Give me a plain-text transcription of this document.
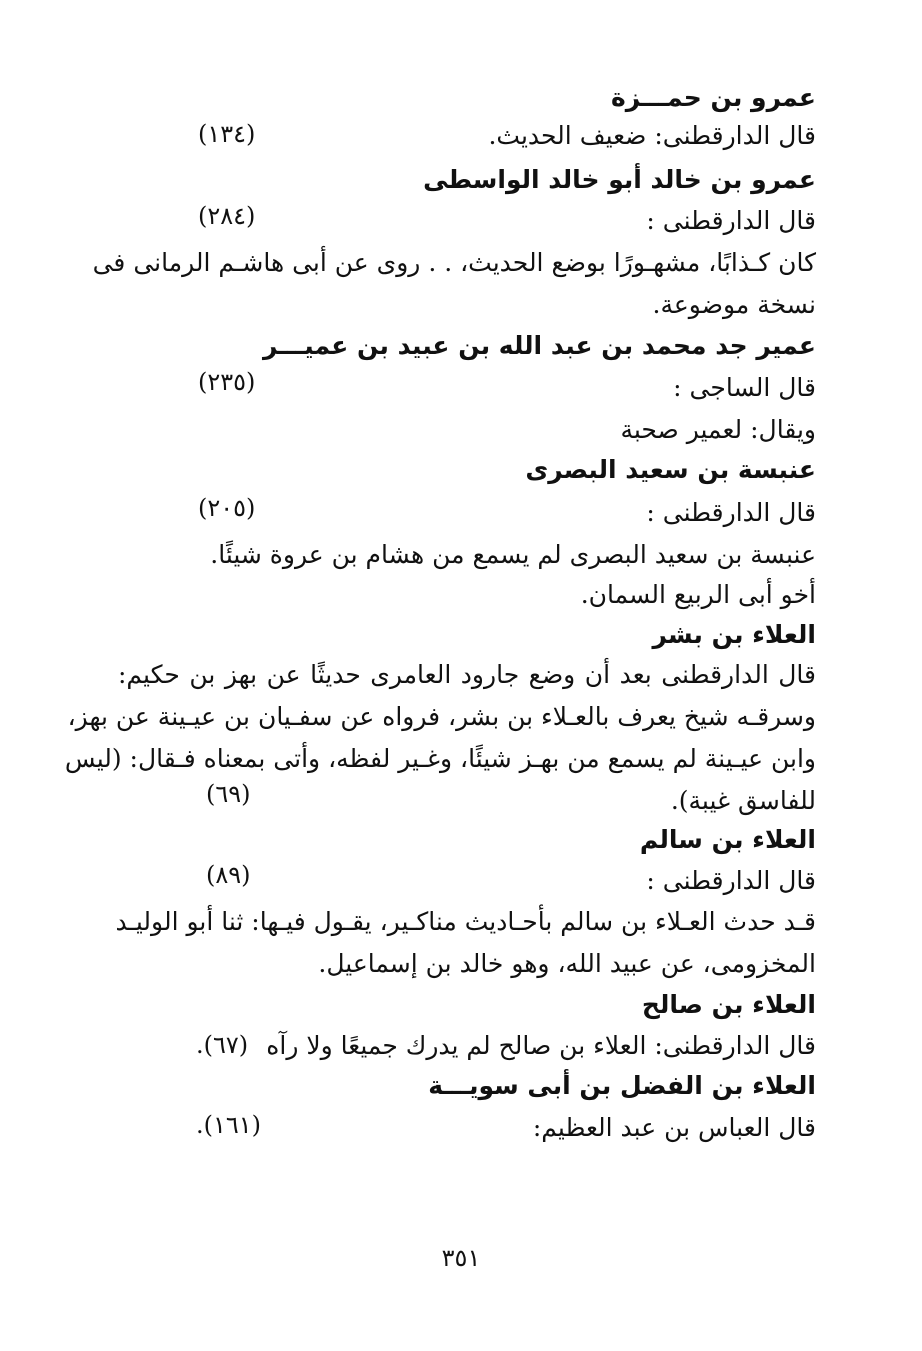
عمرو بن حمـــزة
قال الدارقطنى: ضعيف الحديث.
(١٣٤)
عمرو بن خالد أبو خالد الواسطى
قال الدارقطنى :
(٢٨٤)
كان كـذابًا، مشهـورًا بوضع الحديث، . . روى عن أبى هاشـم الرمانى فى
نسخة موضوعة.
عمير جد محمد بن عبد الله بن عبيد بن عميـــر
قال الساجى :
(٢٣٥)
ويقال: لعمير صحبة
عنبسة بن سعيد البصرى
قال الدارقطنى :
(٢٠٥)
عنبسة بن سعيد البصرى لم يسمع من هشام بن عروة شيئًا.
أخو أبى الربيع السمان.
العلاء بن بشر
قال الدارقطنى بعد أن وضع جارود العامرى حديثًا عن بهز بن حكيم:
وسرقـه شيخ يعرف بالعـلاء بن بشر، فرواه عن سفـيان بن عيـينة عن بهز،
وابن عيـينة لم يسمع من بهـز شيئًا، وغـير لفظه، وأتى بمعناه فـقال: (ليس
للفاسق غيبة).
(٦٩)
العلاء بن سالم
قال الدارقطنى :
(٨٩)
قـد حدث العـلاء بن سالم بأحـاديث مناكـير، يقـول فيـها: ثنا أبو الوليـد
المخزومى، عن عبيد الله، وهو خالد بن إسماعيل.
العلاء بن صالح
قال الدارقطنى: العلاء بن صالح لم يدرك جميعًا ولا رآه
(٦٧).
العلاء بن الفضل بن أبى سويـــة
قال العباس بن عبد العظيم:
(١٦١).
٣٥١
